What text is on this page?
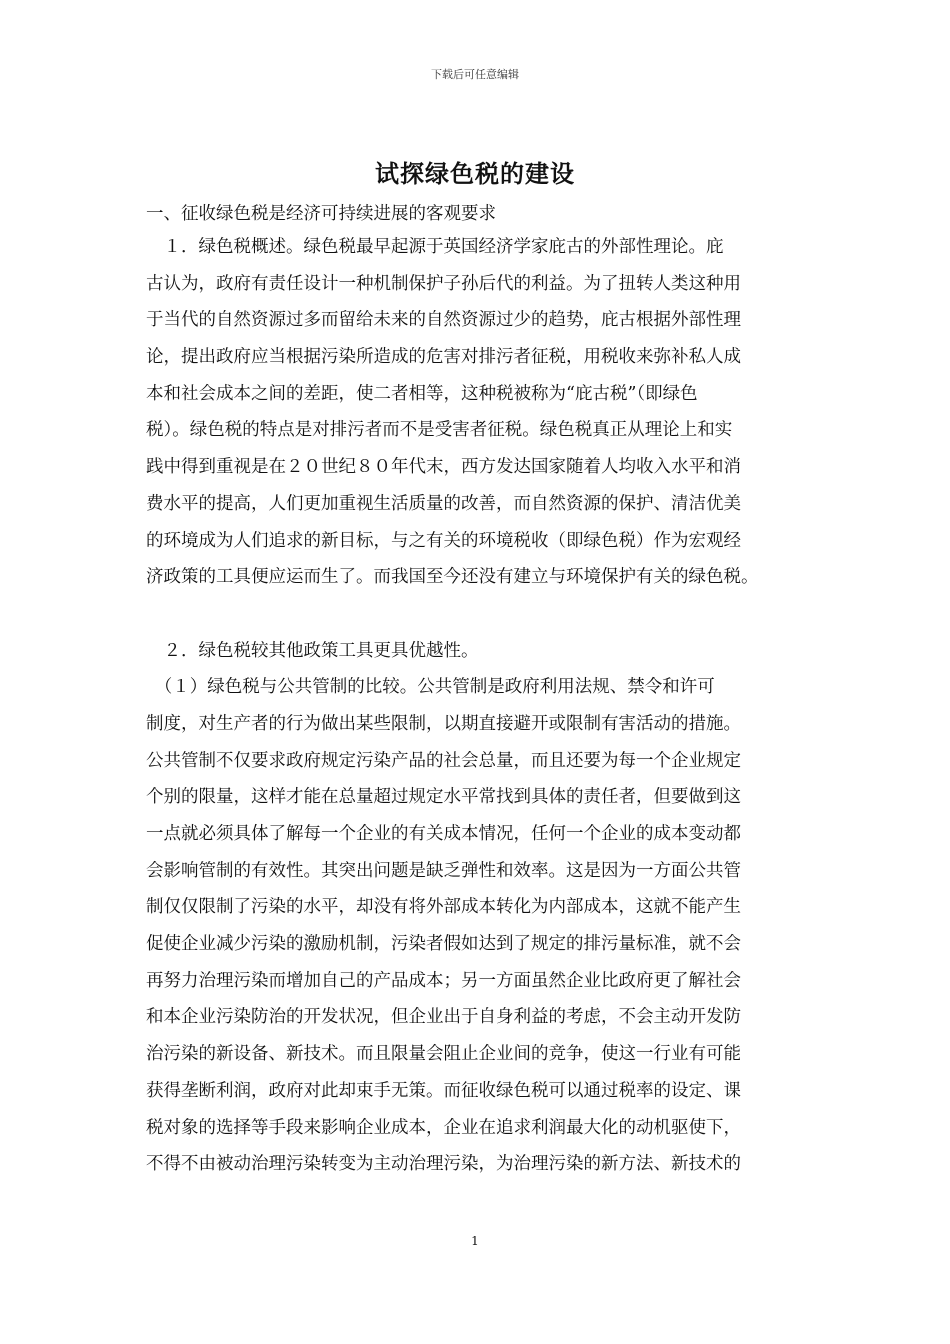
下载后可任意编辑
试探绿色税的建设
一、征收绿色税是经济可持续进展的客观要求
　１．绿色税概述。绿色税最早起源于英国经济学家庇古的外部性理论。庇
古认为，政府有责任设计一种机制保护子孙后代的利益。为了扭转人类这种用
于当代的自然资源过多而留给未来的自然资源过少的趋势，庇古根据外部性理
论，提出政府应当根据污染所造成的危害对排污者征税，用税收来弥补私人成
本和社会成本之间的差距，使二者相等，这种税被称为“庇古税”（即绿色
税）。绿色税的特点是对排污者而不是受害者征税。绿色税真正从理论上和实
践中得到重视是在２０世纪８０年代末，西方发达国家随着人均收入水平和消
费水平的提高，人们更加重视生活质量的改善，而自然资源的保护、清洁优美
的环境成为人们追求的新目标，与之有关的环境税收（即绿色税）作为宏观经
济政策的工具便应运而生了。而我国至今还没有建立与环境保护有关的绿色税。
　２．绿色税较其他政策工具更具优越性。
　（１）绿色税与公共管制的比较。公共管制是政府利用法规、禁令和许可
制度，对生产者的行为做出某些限制，以期直接避开或限制有害活动的措施。
公共管制不仅要求政府规定污染产品的社会总量，而且还要为每一个企业规定
个别的限量，这样才能在总量超过规定水平常找到具体的责任者，但要做到这
一点就必须具体了解每一个企业的有关成本情况，任何一个企业的成本变动都
会影响管制的有效性。其突出问题是缺乏弹性和效率。这是因为一方面公共管
制仅仅限制了污染的水平，却没有将外部成本转化为内部成本，这就不能产生
促使企业减少污染的激励机制，污染者假如达到了规定的排污量标准，就不会
再努力治理污染而增加自己的产品成本；另一方面虽然企业比政府更了解社会
和本企业污染防治的开发状况，但企业出于自身利益的考虑，不会主动开发防
治污染的新设备、新技术。而且限量会阻止企业间的竞争，使这一行业有可能
获得垄断利润，政府对此却束手无策。而征收绿色税可以通过税率的设定、课
税对象的选择等手段来影响企业成本，企业在追求利润最大化的动机驱使下，
不得不由被动治理污染转变为主动治理污染，为治理污染的新方法、新技术的
1
